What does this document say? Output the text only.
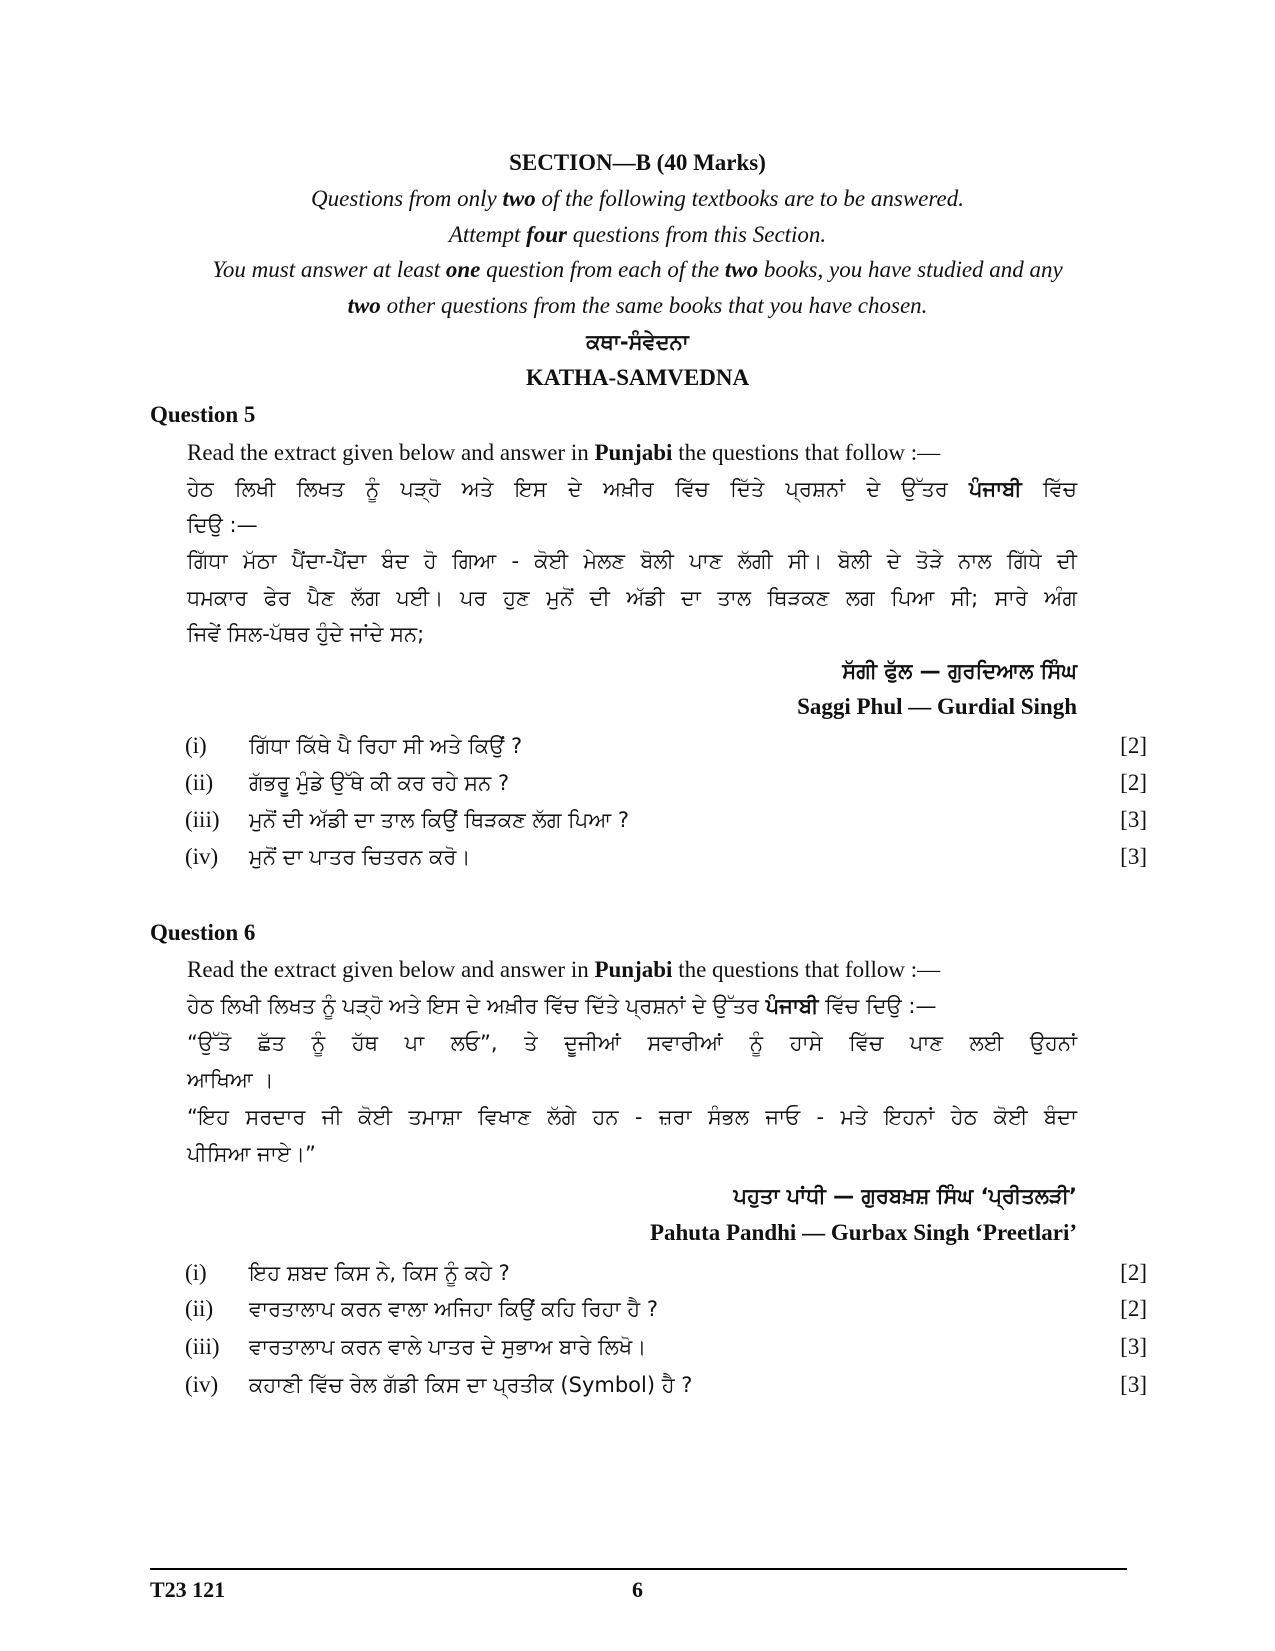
SECTION—B (40 Marks)
Questions from only two of the following textbooks are to be answered.
Attempt four questions from this Section.
You must answer at least one question from each of the two books, you have studied and any
two other questions from the same books that you have chosen.
ਕਥਾ-ਸੰਵੇਦਨਾ
KATHA-SAMVEDNA
Question 5
Read the extract given below and answer in Punjabi the questions that follow :—
ਹੇਠ ਲਿਖੀ ਲਿਖਤ ਨੂੰ ਪੜ੍ਹੋ ਅਤੇ ਇਸ ਦੇ ਅਖ਼ੀਰ ਵਿੱਚ ਦਿੱਤੇ ਪ੍ਰਸ਼ਨਾਂ ਦੇ ਉੱਤਰ ਪੰਜਾਬੀ ਵਿੱਚ
ਦਿਉ :—
ਗਿੱਧਾ ਮੱਠਾ ਪੈਂਦਾ-ਪੈਂਦਾ ਬੰਦ ਹੋ ਗਿਆ - ਕੋਈ ਮੇਲਣ ਬੋਲੀ ਪਾਣ ਲੱਗੀ ਸੀ। ਬੋਲੀ ਦੇ ਤੋੜੇ ਨਾਲ ਗਿੱਧੇ ਦੀ
ਧਮਕਾਰ ਫੇਰ ਪੈਣ ਲੱਗ ਪਈ। ਪਰ ਹੁਣ ਮੁਨੋਂ ਦੀ ਅੱਡੀ ਦਾ ਤਾਲ ਥਿੜਕਣ ਲਗ ਪਿਆ ਸੀ; ਸਾਰੇ ਅੰਗ
ਜਿਵੇਂ ਸਿਲ-ਪੱਥਰ ਹੁੰਦੇ ਜਾਂਦੇ ਸਨ;
ਸੱਗੀ ਫੁੱਲ — ਗੁਰਦਿਆਲ ਸਿੰਘ
Saggi Phul — Gurdial Singh
(i) ਗਿੱਧਾ ਕਿੱਥੇ ਪੈ ਰਿਹਾ ਸੀ ਅਤੇ ਕਿਉਂ ?	[2]
(ii) ਗੱਭਰੂ ਮੁੰਡੇ ਉੱਥੇ ਕੀ ਕਰ ਰਹੇ ਸਨ ?	[2]
(iii) ਮੁਨੋਂ ਦੀ ਅੱਡੀ ਦਾ ਤਾਲ ਕਿਉਂ ਥਿੜਕਣ ਲੱਗ ਪਿਆ ?	[3]
(iv) ਮੁਨੋਂ ਦਾ ਪਾਤਰ ਚਿਤਰਨ ਕਰੋ।	[3]
Question 6
Read the extract given below and answer in Punjabi the questions that follow :—
ਹੇਠ ਲਿਖੀ ਲਿਖਤ ਨੂੰ ਪੜ੍ਹੋ ਅਤੇ ਇਸ ਦੇ ਅਖ਼ੀਰ ਵਿੱਚ ਦਿੱਤੇ ਪ੍ਰਸ਼ਨਾਂ ਦੇ ਉੱਤਰ ਪੰਜਾਬੀ ਵਿੱਚ ਦਿਉ :—
“ਉੱਤੋ ਛੱਤ ਨੂੰ ਹੱਥ ਪਾ ਲਓ”, ਤੇ ਦੂਜੀਆਂ ਸਵਾਰੀਆਂ ਨੂੰ ਹਾਸੇ ਵਿੱਚ ਪਾਣ ਲਈ ਉਹਨਾਂ
ਆਖਿਆ ।
“ਇਹ ਸਰਦਾਰ ਜੀ ਕੋਈ ਤਮਾਸ਼ਾ ਵਿਖਾਣ ਲੱਗੇ ਹਨ - ਜ਼ਰਾ ਸੰਭਲ ਜਾਓ - ਮਤੇ ਇਹਨਾਂ ਹੇਠ ਕੋਈ ਬੰਦਾ
ਪੀਸਿਆ ਜਾਏ।”
ਪਹੁਤਾ ਪਾਂਧੀ — ਗੁਰਬਖ਼ਸ਼ ਸਿੰਘ ‘ਪ੍ਰੀਤਲੜੀ’
Pahuta Pandhi — Gurbax Singh ‘Preetlari’
(i) ਇਹ ਸ਼ਬਦ ਕਿਸ ਨੇ, ਕਿਸ ਨੂੰ ਕਹੇ ?	[2]
(ii) ਵਾਰਤਾਲਾਪ ਕਰਨ ਵਾਲਾ ਅਜਿਹਾ ਕਿਉਂ ਕਹਿ ਰਿਹਾ ਹੈ ?	[2]
(iii) ਵਾਰਤਾਲਾਪ ਕਰਨ ਵਾਲੇ ਪਾਤਰ ਦੇ ਸੁਭਾਅ ਬਾਰੇ ਲਿਖੋ।	[3]
(iv) ਕਹਾਣੀ ਵਿੱਚ ਰੇਲ ਗੱਡੀ ਕਿਸ ਦਾ ਪ੍ਰਤੀਕ (Symbol) ਹੈ ?	[3]
T23 121	6
